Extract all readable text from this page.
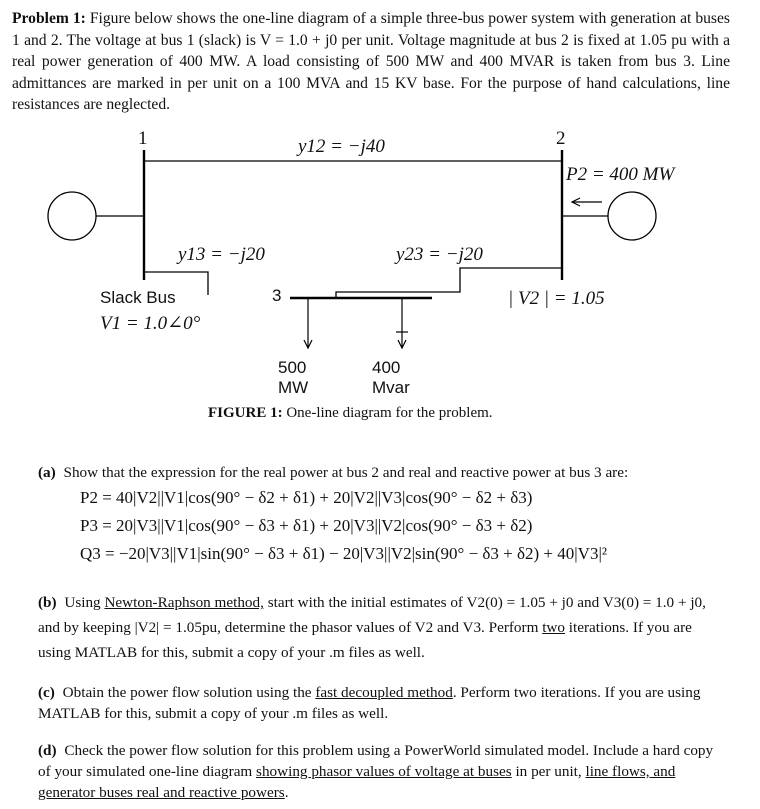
Problem 1: Figure below shows the one-line diagram of a simple three-bus power system with generation at buses 1 and 2. The voltage at bus 1 (slack) is V = 1.0 + j0 per unit. Voltage magnitude at bus 2 is fixed at 1.05 pu with a real power generation of 400 MW. A load consisting of 500 MW and 400 MVAR is taken from bus 3. Line admittances are marked in per unit on a 100 MVA and 15 KV base. For the purpose of hand calculations, line resistances are neglected.
1	2
3
y12 = −j40
y13 = −j20	y23 = −j20
P2 = 400 MW
| V2 | = 1.05
Slack Bus
V1 = 1.0∠0°
500
MW
400
Mvar
FIGURE 1: One-line diagram for the problem.
(a) Show that the expression for the real power at bus 2 and real and reactive power at bus 3 are:
P2 = 40|V2||V1|cos(90° − δ2 + δ1) + 20|V2||V3|cos(90° − δ2 + δ3)
P3 = 20|V3||V1|cos(90° − δ3 + δ1) + 20|V3||V2|cos(90° − δ3 + δ2)
Q3 = −20|V3||V1|sin(90° − δ3 + δ1) − 20|V3||V2|sin(90° − δ3 + δ2) + 40|V3|²
(b) Using Newton-Raphson method, start with the initial estimates of V2(0) = 1.05 + j0 and V3(0) = 1.0 + j0, and by keeping |V2| = 1.05pu, determine the phasor values of V2 and V3. Perform two iterations. If you are using MATLAB for this, submit a copy of your .m files as well.
(c) Obtain the power flow solution using the fast decoupled method. Perform two iterations. If you are using MATLAB for this, submit a copy of your .m files as well.
(d) Check the power flow solution for this problem using a PowerWorld simulated model. Include a hard copy of your simulated one-line diagram showing phasor values of voltage at buses in per unit, line flows, and generator buses real and reactive powers.
